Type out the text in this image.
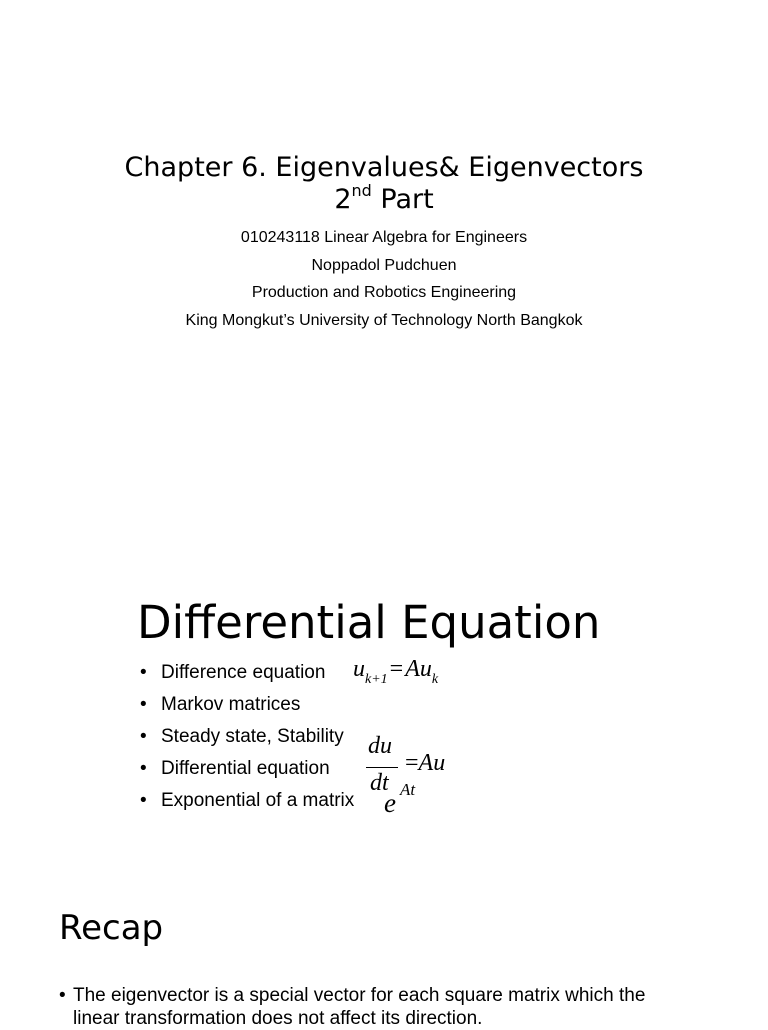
Chapter 6. Eigenvalues& Eigenvectors
2nd Part
010243118 Linear Algebra for Engineers
Noppadol Pudchuen
Production and Robotics Engineering
King Mongkut’s University of Technology North Bangkok
Differential Equation
• Difference equation
• Markov matrices
• Steady state, Stability
• Differential equation
• Exponential of a matrix
$u_{k+1}=Au_k$
du
dt
=Au
e At
Recap
• The eigenvector is a special vector for each square matrix which the
linear transformation does not affect its direction.
